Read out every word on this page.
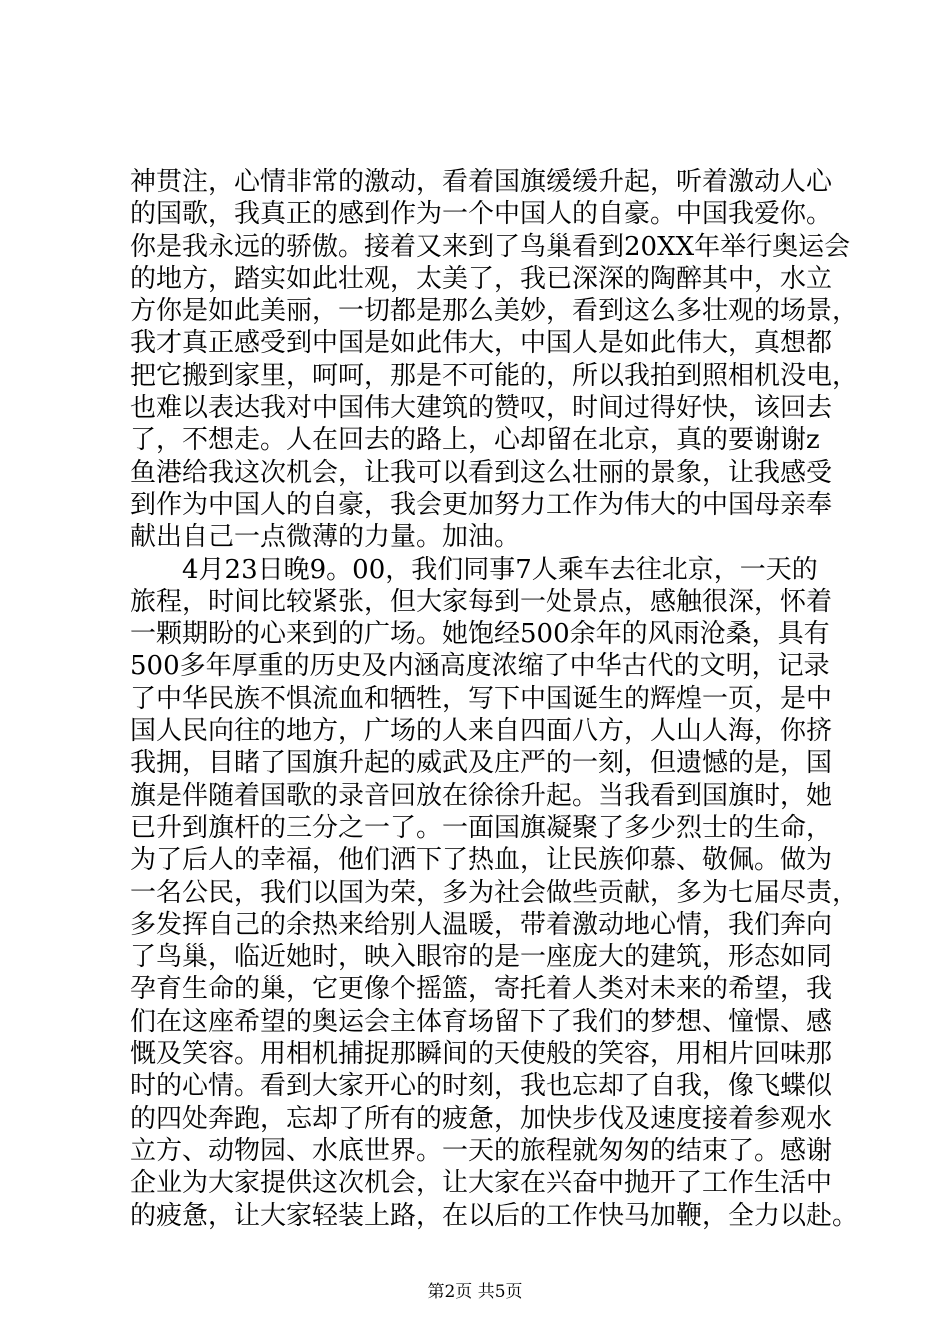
神贯注，心情非常的激动，看着国旗缓缓升起，听着激动人心
的国歌，我真正的感到作为一个中国人的自豪。中国我爱你。
你是我永远的骄傲。接着又来到了鸟巢看到20XX年举行奥运会
的地方，踏实如此壮观，太美了，我已深深的陶醉其中，水立
方你是如此美丽，一切都是那么美妙，看到这么多壮观的场景，
我才真正感受到中国是如此伟大，中国人是如此伟大，真想都
把它搬到家里，呵呵，那是不可能的，所以我拍到照相机没电，
也难以表达我对中国伟大建筑的赞叹，时间过得好快，该回去
了，不想走。人在回去的路上，心却留在北京，真的要谢谢z
鱼港给我这次机会，让我可以看到这么壮丽的景象，让我感受
到作为中国人的自豪，我会更加努力工作为伟大的中国母亲奉
献出自己一点微薄的力量。加油。
　　4月23日晚9。00，我们同事7人乘车去往北京，一天的
旅程，时间比较紧张，但大家每到一处景点，感触很深，怀着
一颗期盼的心来到的广场。她饱经500余年的风雨沧桑，具有
500多年厚重的历史及内涵高度浓缩了中华古代的文明，记录
了中华民族不惧流血和牺牲，写下中国诞生的辉煌一页，是中
国人民向往的地方，广场的人来自四面八方，人山人海，你挤
我拥，目睹了国旗升起的威武及庄严的一刻，但遗憾的是，国
旗是伴随着国歌的录音回放在徐徐升起。当我看到国旗时，她
已升到旗杆的三分之一了。一面国旗凝聚了多少烈士的生命，
为了后人的幸福，他们洒下了热血，让民族仰慕、敬佩。做为
一名公民，我们以国为荣，多为社会做些贡献，多为七届尽责，
多发挥自己的余热来给别人温暖，带着激动地心情，我们奔向
了鸟巢，临近她时，映入眼帘的是一座庞大的建筑，形态如同
孕育生命的巢，它更像个摇篮，寄托着人类对未来的希望，我
们在这座希望的奥运会主体育场留下了我们的梦想、憧憬、感
慨及笑容。用相机捕捉那瞬间的天使般的笑容，用相片回味那
时的心情。看到大家开心的时刻，我也忘却了自我，像飞蝶似
的四处奔跑，忘却了所有的疲惫，加快步伐及速度接着参观水
立方、动物园、水底世界。一天的旅程就匆匆的结束了。感谢
企业为大家提供这次机会，让大家在兴奋中抛开了工作生活中
的疲惫，让大家轻装上路，在以后的工作快马加鞭，全力以赴。
第2页 共5页
